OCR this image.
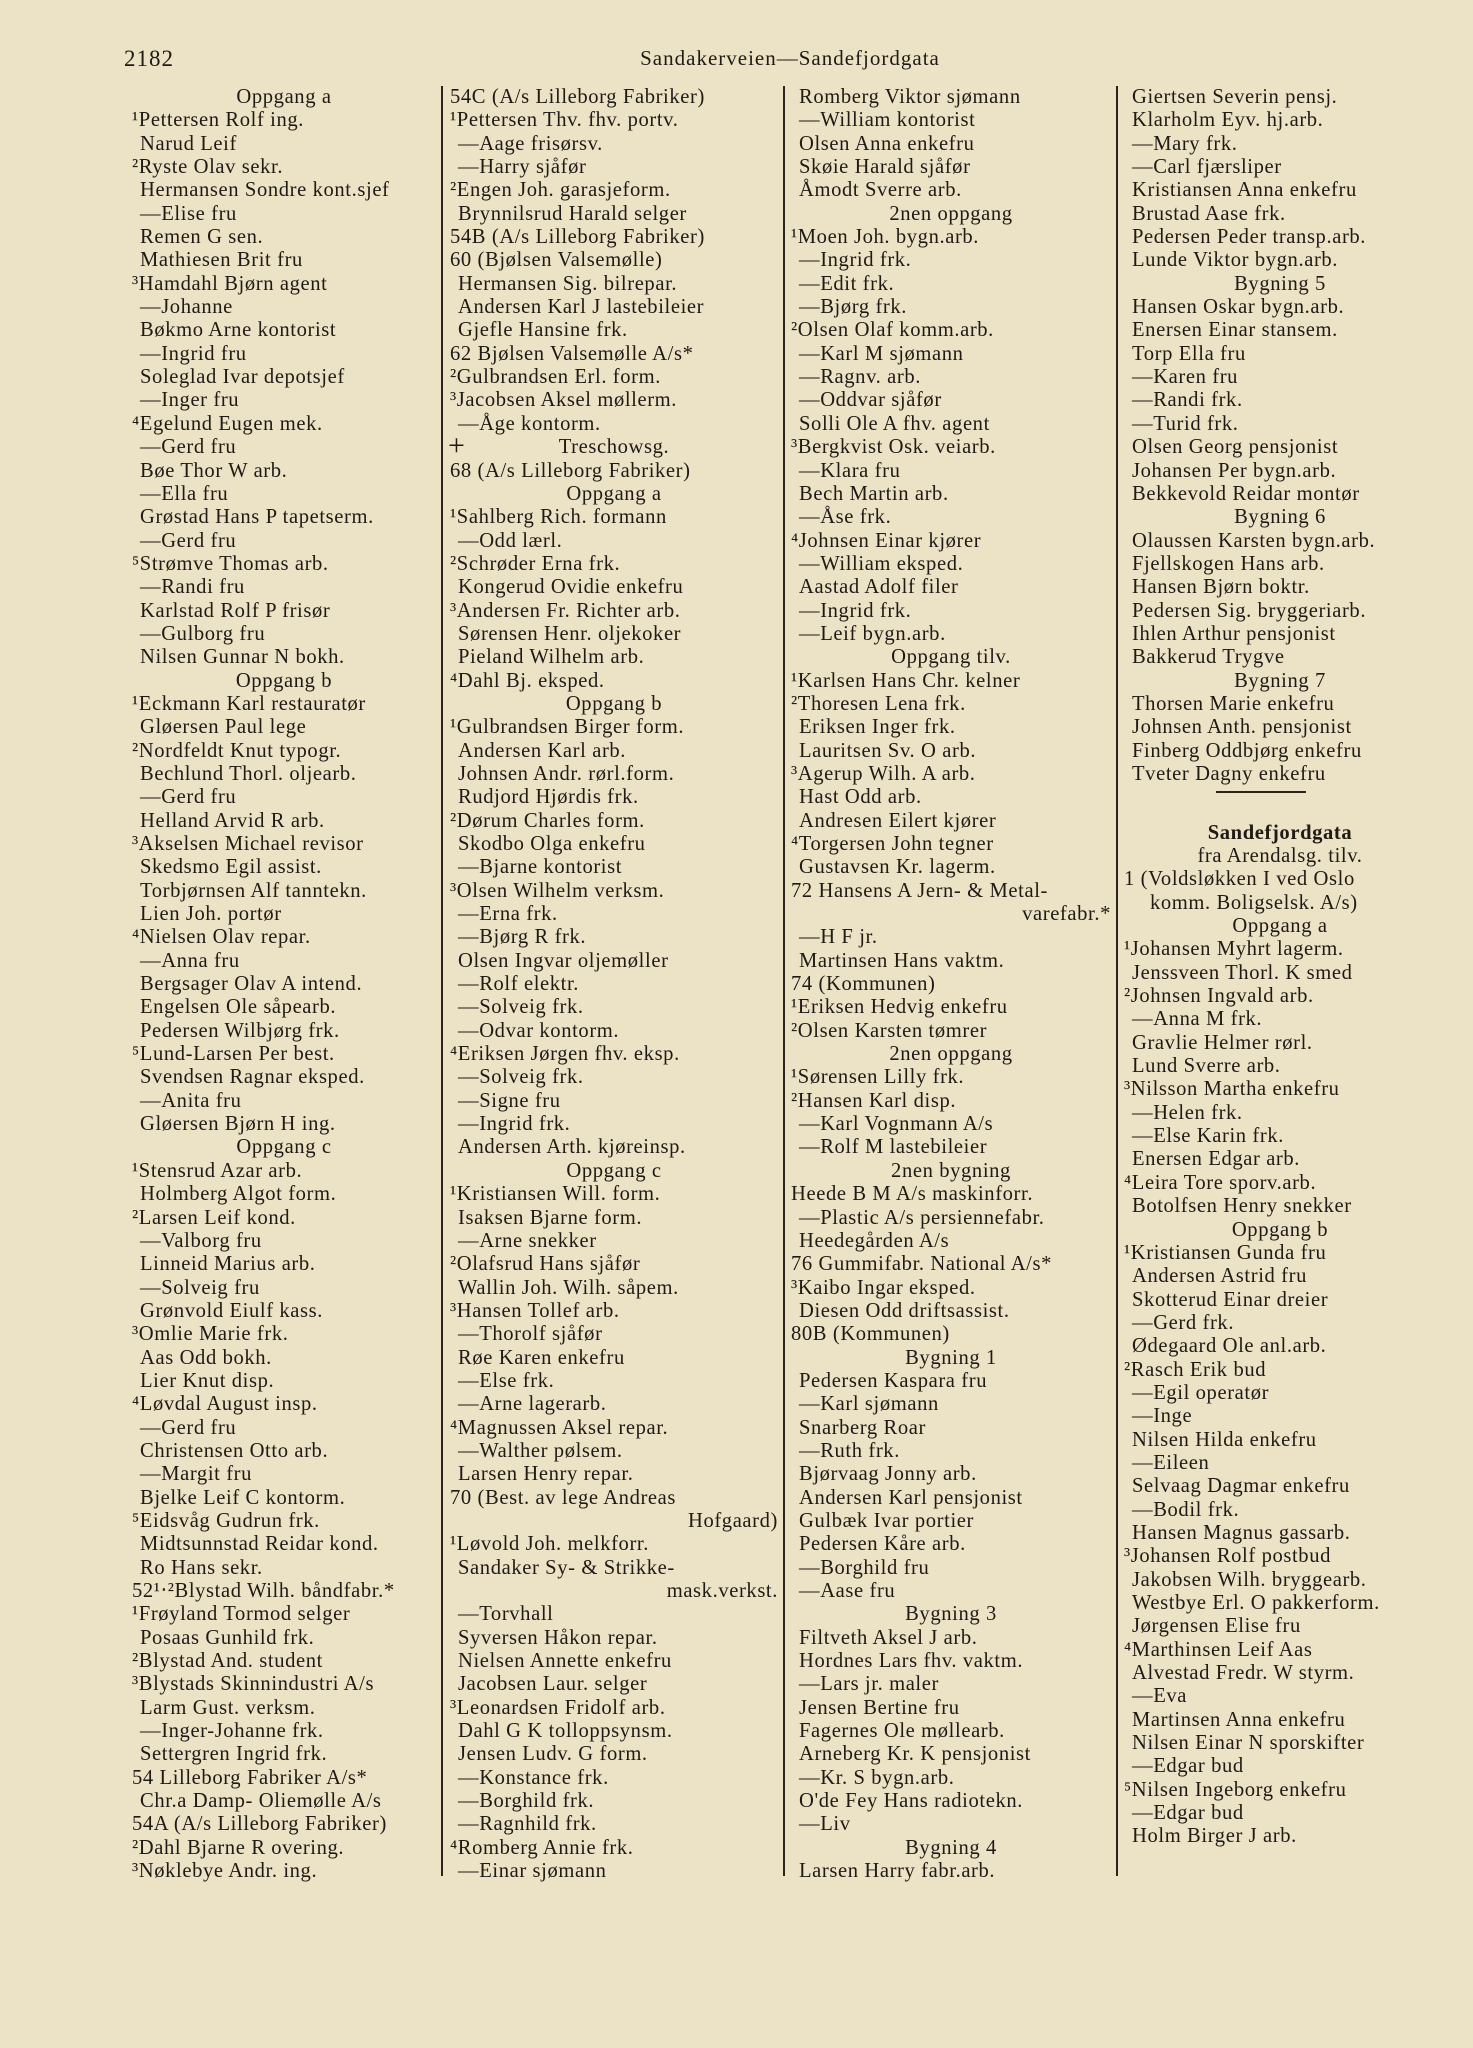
2182	Sandakerveien—Sandefjordgata
Oppgang a
¹Pettersen Rolf ing.
Narud Leif
²Ryste Olav sekr.
Hermansen Sondre kont.sjef
—Elise fru
Remen G sen.
Mathiesen Brit fru
³Hamdahl Bjørn agent
—Johanne
Bøkmo Arne kontorist
—Ingrid fru
Soleglad Ivar depotsjef
—Inger fru
⁴Egelund Eugen mek.
—Gerd fru
Bøe Thor W arb.
—Ella fru
Grøstad Hans P tapetserm.
—Gerd fru
⁵Strømve Thomas arb.
—Randi fru
Karlstad Rolf P frisør
—Gulborg fru
Nilsen Gunnar N bokh.
Oppgang b
¹Eckmann Karl restauratør
Gløersen Paul lege
²Nordfeldt Knut typogr.
Bechlund Thorl. oljearb.
—Gerd fru
Helland Arvid R arb.
³Akselsen Michael revisor
Skedsmo Egil assist.
Torbjørnsen Alf tanntekn.
Lien Joh. portør
⁴Nielsen Olav repar.
—Anna fru
Bergsager Olav A intend.
Engelsen Ole såpearb.
Pedersen Wilbjørg frk.
⁵Lund-Larsen Per best.
Svendsen Ragnar eksped.
—Anita fru
Gløersen Bjørn H ing.
Oppgang c
¹Stensrud Azar arb.
Holmberg Algot form.
²Larsen Leif kond.
—Valborg fru
Linneid Marius arb.
—Solveig fru
Grønvold Eiulf kass.
³Omlie Marie frk.
Aas Odd bokh.
Lier Knut disp.
⁴Løvdal August insp.
—Gerd fru
Christensen Otto arb.
—Margit fru
Bjelke Leif C kontorm.
⁵Eidsvåg Gudrun frk.
Midtsunnstad Reidar kond.
Ro Hans sekr.
52¹‧²Blystad Wilh. båndfabr.*
¹Frøyland Tormod selger
Posaas Gunhild frk.
²Blystad And. student
³Blystads Skinnindustri A/s
Larm Gust. verksm.
—Inger-Johanne frk.
Settergren Ingrid frk.
54 Lilleborg Fabriker A/s*
Chr.a Damp- Oliemølle A/s
54A (A/s Lilleborg Fabriker)
²Dahl Bjarne R overing.
³Nøklebye Andr. ing.
54C (A/s Lilleborg Fabriker)
¹Pettersen Thv. fhv. portv.
—Aage frisørsv.
—Harry sjåfør
²Engen Joh. garasjeform.
Brynnilsrud Harald selger
54B (A/s Lilleborg Fabriker)
60 (Bjølsen Valsemølle)
Hermansen Sig. bilrepar.
Andersen Karl J lastebileier
Gjefle Hansine frk.
62 Bjølsen Valsemølle A/s*
²Gulbrandsen Erl. form.
³Jacobsen Aksel møllerm.
—Åge kontorm.
+	Treschowsg.
68 (A/s Lilleborg Fabriker)
Oppgang a
¹Sahlberg Rich. formann
—Odd lærl.
²Schrøder Erna frk.
Kongerud Ovidie enkefru
³Andersen Fr. Richter arb.
Sørensen Henr. oljekoker
Pieland Wilhelm arb.
⁴Dahl Bj. eksped.
Oppgang b
¹Gulbrandsen Birger form.
Andersen Karl arb.
Johnsen Andr. rørl.form.
Rudjord Hjørdis frk.
²Dørum Charles form.
Skodbo Olga enkefru
—Bjarne kontorist
³Olsen Wilhelm verksm.
—Erna frk.
—Bjørg R frk.
Olsen Ingvar oljemøller
—Rolf elektr.
—Solveig frk.
—Odvar kontorm.
⁴Eriksen Jørgen fhv. eksp.
—Solveig frk.
—Signe fru
—Ingrid frk.
Andersen Arth. kjøreinsp.
Oppgang c
¹Kristiansen Will. form.
Isaksen Bjarne form.
—Arne snekker
²Olafsrud Hans sjåfør
Wallin Joh. Wilh. såpem.
³Hansen Tollef arb.
—Thorolf sjåfør
Røe Karen enkefru
—Else frk.
—Arne lagerarb.
⁴Magnussen Aksel repar.
—Walther pølsem.
Larsen Henry repar.
70 (Best. av lege Andreas
Hofgaard)
¹Løvold Joh. melkforr.
Sandaker Sy- & Strikke-
mask.verkst.
—Torvhall
Syversen Håkon repar.
Nielsen Annette enkefru
Jacobsen Laur. selger
³Leonardsen Fridolf arb.
Dahl G K tolloppsynsm.
Jensen Ludv. G form.
—Konstance frk.
—Borghild frk.
—Ragnhild frk.
⁴Romberg Annie frk.
—Einar sjømann
Romberg Viktor sjømann
—William kontorist
Olsen Anna enkefru
Skøie Harald sjåfør
Åmodt Sverre arb.
2nen oppgang
¹Moen Joh. bygn.arb.
—Ingrid frk.
—Edit frk.
—Bjørg frk.
²Olsen Olaf komm.arb.
—Karl M sjømann
—Ragnv. arb.
—Oddvar sjåfør
Solli Ole A fhv. agent
³Bergkvist Osk. veiarb.
—Klara fru
Bech Martin arb.
—Åse frk.
⁴Johnsen Einar kjører
—William eksped.
Aastad Adolf filer
—Ingrid frk.
—Leif bygn.arb.
Oppgang tilv.
¹Karlsen Hans Chr. kelner
²Thoresen Lena frk.
Eriksen Inger frk.
Lauritsen Sv. O arb.
³Agerup Wilh. A arb.
Hast Odd arb.
Andresen Eilert kjører
⁴Torgersen John tegner
Gustavsen Kr. lagerm.
72 Hansens A Jern- & Metal-
varefabr.*
—H F jr.
Martinsen Hans vaktm.
74 (Kommunen)
¹Eriksen Hedvig enkefru
²Olsen Karsten tømrer
2nen oppgang
¹Sørensen Lilly frk.
²Hansen Karl disp.
—Karl Vognmann A/s
—Rolf M lastebileier
2nen bygning
Heede B M A/s maskinforr.
—Plastic A/s persiennefabr.
Heedegården A/s
76 Gummifabr. National A/s*
³Kaibo Ingar eksped.
Diesen Odd driftsassist.
80B (Kommunen)
Bygning 1
Pedersen Kaspara fru
—Karl sjømann
Snarberg Roar
—Ruth frk.
Bjørvaag Jonny arb.
Andersen Karl pensjonist
Gulbæk Ivar portier
Pedersen Kåre arb.
—Borghild fru
—Aase fru
Bygning 3
Filtveth Aksel J arb.
Hordnes Lars fhv. vaktm.
—Lars jr. maler
Jensen Bertine fru
Fagernes Ole møllearb.
Arneberg Kr. K pensjonist
—Kr. S bygn.arb.
O'de Fey Hans radiotekn.
—Liv
Bygning 4
Larsen Harry fabr.arb.
Giertsen Severin pensj.
Klarholm Eyv. hj.arb.
—Mary frk.
—Carl fjærsliper
Kristiansen Anna enkefru
Brustad Aase frk.
Pedersen Peder transp.arb.
Lunde Viktor bygn.arb.
Bygning 5
Hansen Oskar bygn.arb.
Enersen Einar stansem.
Torp Ella fru
—Karen fru
—Randi frk.
—Turid frk.
Olsen Georg pensjonist
Johansen Per bygn.arb.
Bekkevold Reidar montør
Bygning 6
Olaussen Karsten bygn.arb.
Fjellskogen Hans arb.
Hansen Bjørn boktr.
Pedersen Sig. bryggeriarb.
Ihlen Arthur pensjonist
Bakkerud Trygve
Bygning 7
Thorsen Marie enkefru
Johnsen Anth. pensjonist
Finberg Oddbjørg enkefru
Tveter Dagny enkefru
Sandefjordgata
fra Arendalsg. tilv.
1 (Voldsløkken I ved Oslo
komm. Boligselsk. A/s)
Oppgang a
¹Johansen Myhrt lagerm.
Jenssveen Thorl. K smed
²Johnsen Ingvald arb.
—Anna M frk.
Gravlie Helmer rørl.
Lund Sverre arb.
³Nilsson Martha enkefru
—Helen frk.
—Else Karin frk.
Enersen Edgar arb.
⁴Leira Tore sporv.arb.
Botolfsen Henry snekker
Oppgang b
¹Kristiansen Gunda fru
Andersen Astrid fru
Skotterud Einar dreier
—Gerd frk.
Ødegaard Ole anl.arb.
²Rasch Erik bud
—Egil operatør
—Inge
Nilsen Hilda enkefru
—Eileen
Selvaag Dagmar enkefru
—Bodil frk.
Hansen Magnus gassarb.
³Johansen Rolf postbud
Jakobsen Wilh. bryggearb.
Westbye Erl. O pakkerform.
Jørgensen Elise fru
⁴Marthinsen Leif Aas
Alvestad Fredr. W styrm.
—Eva
Martinsen Anna enkefru
Nilsen Einar N sporskifter
—Edgar bud
⁵Nilsen Ingeborg enkefru
—Edgar bud
Holm Birger J arb.
